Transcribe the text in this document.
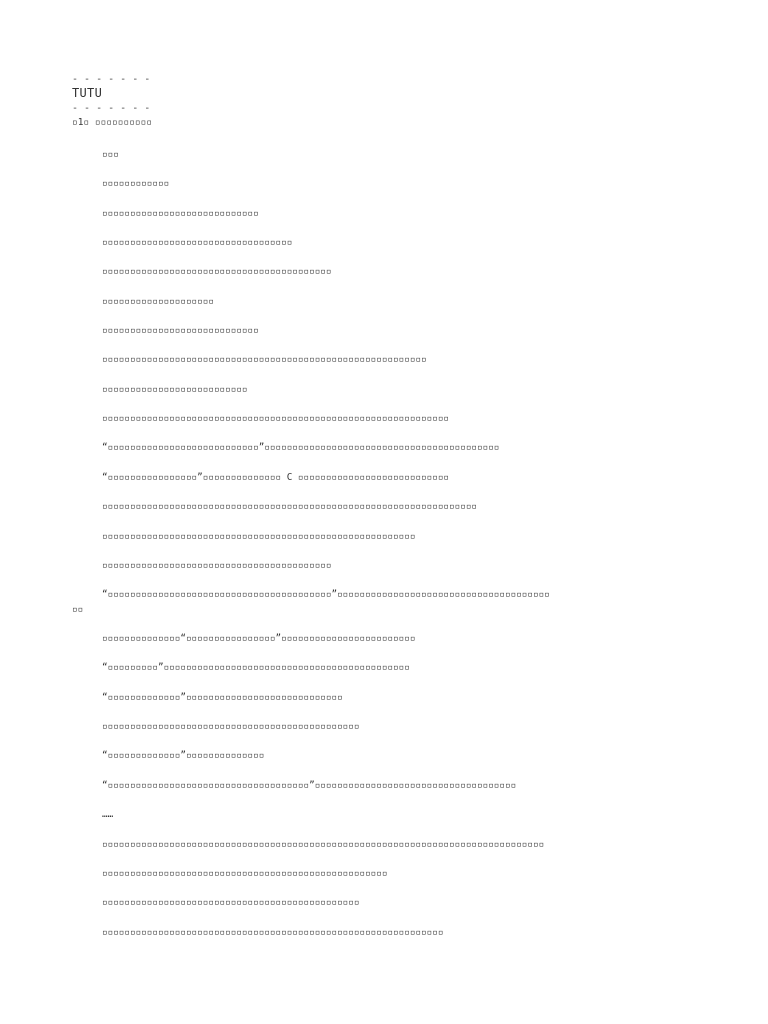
- - - - - - -
TUTU
- - - - - - -
▫1▫ ▫▫▫▫▫▫▫▫▫▫
▫▫▫
▫▫▫▫▫▫▫▫▫▫▫▫
▫▫▫▫▫▫▫▫▫▫▫▫▫▫▫▫▫▫▫▫▫▫▫▫▫▫▫▫
▫▫▫▫▫▫▫▫▫▫▫▫▫▫▫▫▫▫▫▫▫▫▫▫▫▫▫▫▫▫▫▫▫▫
▫▫▫▫▫▫▫▫▫▫▫▫▫▫▫▫▫▫▫▫▫▫▫▫▫▫▫▫▫▫▫▫▫▫▫▫▫▫▫▫▫
▫▫▫▫▫▫▫▫▫▫▫▫▫▫▫▫▫▫▫▫
▫▫▫▫▫▫▫▫▫▫▫▫▫▫▫▫▫▫▫▫▫▫▫▫▫▫▫▫
▫▫▫▫▫▫▫▫▫▫▫▫▫▫▫▫▫▫▫▫▫▫▫▫▫▫▫▫▫▫▫▫▫▫▫▫▫▫▫▫▫▫▫▫▫▫▫▫▫▫▫▫▫▫▫▫▫▫
▫▫▫▫▫▫▫▫▫▫▫▫▫▫▫▫▫▫▫▫▫▫▫▫▫▫
▫▫▫▫▫▫▫▫▫▫▫▫▫▫▫▫▫▫▫▫▫▫▫▫▫▫▫▫▫▫▫▫▫▫▫▫▫▫▫▫▫▫▫▫▫▫▫▫▫▫▫▫▫▫▫▫▫▫▫▫▫▫
“▫▫▫▫▫▫▫▫▫▫▫▫▫▫▫▫▫▫▫▫▫▫▫▫▫▫▫”▫▫▫▫▫▫▫▫▫▫▫▫▫▫▫▫▫▫▫▫▫▫▫▫▫▫▫▫▫▫▫▫▫▫▫▫▫▫▫▫▫▫
“▫▫▫▫▫▫▫▫▫▫▫▫▫▫▫▫”▫▫▫▫▫▫▫▫▫▫▫▫▫▫ C ▫▫▫▫▫▫▫▫▫▫▫▫▫▫▫▫▫▫▫▫▫▫▫▫▫▫▫
▫▫▫▫▫▫▫▫▫▫▫▫▫▫▫▫▫▫▫▫▫▫▫▫▫▫▫▫▫▫▫▫▫▫▫▫▫▫▫▫▫▫▫▫▫▫▫▫▫▫▫▫▫▫▫▫▫▫▫▫▫▫▫▫▫▫▫
▫▫▫▫▫▫▫▫▫▫▫▫▫▫▫▫▫▫▫▫▫▫▫▫▫▫▫▫▫▫▫▫▫▫▫▫▫▫▫▫▫▫▫▫▫▫▫▫▫▫▫▫▫▫▫▫
▫▫▫▫▫▫▫▫▫▫▫▫▫▫▫▫▫▫▫▫▫▫▫▫▫▫▫▫▫▫▫▫▫▫▫▫▫▫▫▫▫
“▫▫▫▫▫▫▫▫▫▫▫▫▫▫▫▫▫▫▫▫▫▫▫▫▫▫▫▫▫▫▫▫▫▫▫▫▫▫▫▫”▫▫▫▫▫▫▫▫▫▫▫▫▫▫▫▫▫▫▫▫▫▫▫▫▫▫▫▫▫▫▫▫▫▫▫▫▫▫
▫▫
▫▫▫▫▫▫▫▫▫▫▫▫▫▫“▫▫▫▫▫▫▫▫▫▫▫▫▫▫▫▫”▫▫▫▫▫▫▫▫▫▫▫▫▫▫▫▫▫▫▫▫▫▫▫▫
“▫▫▫▫▫▫▫▫▫”▫▫▫▫▫▫▫▫▫▫▫▫▫▫▫▫▫▫▫▫▫▫▫▫▫▫▫▫▫▫▫▫▫▫▫▫▫▫▫▫▫▫▫▫
“▫▫▫▫▫▫▫▫▫▫▫▫▫”▫▫▫▫▫▫▫▫▫▫▫▫▫▫▫▫▫▫▫▫▫▫▫▫▫▫▫▫
▫▫▫▫▫▫▫▫▫▫▫▫▫▫▫▫▫▫▫▫▫▫▫▫▫▫▫▫▫▫▫▫▫▫▫▫▫▫▫▫▫▫▫▫▫▫
“▫▫▫▫▫▫▫▫▫▫▫▫▫”▫▫▫▫▫▫▫▫▫▫▫▫▫▫
“▫▫▫▫▫▫▫▫▫▫▫▫▫▫▫▫▫▫▫▫▫▫▫▫▫▫▫▫▫▫▫▫▫▫▫▫”▫▫▫▫▫▫▫▫▫▫▫▫▫▫▫▫▫▫▫▫▫▫▫▫▫▫▫▫▫▫▫▫▫▫▫▫
……
▫▫▫▫▫▫▫▫▫▫▫▫▫▫▫▫▫▫▫▫▫▫▫▫▫▫▫▫▫▫▫▫▫▫▫▫▫▫▫▫▫▫▫▫▫▫▫▫▫▫▫▫▫▫▫▫▫▫▫▫▫▫▫▫▫▫▫▫▫▫▫▫▫▫▫▫▫▫▫
▫▫▫▫▫▫▫▫▫▫▫▫▫▫▫▫▫▫▫▫▫▫▫▫▫▫▫▫▫▫▫▫▫▫▫▫▫▫▫▫▫▫▫▫▫▫▫▫▫▫▫
▫▫▫▫▫▫▫▫▫▫▫▫▫▫▫▫▫▫▫▫▫▫▫▫▫▫▫▫▫▫▫▫▫▫▫▫▫▫▫▫▫▫▫▫▫▫
▫▫▫▫▫▫▫▫▫▫▫▫▫▫▫▫▫▫▫▫▫▫▫▫▫▫▫▫▫▫▫▫▫▫▫▫▫▫▫▫▫▫▫▫▫▫▫▫▫▫▫▫▫▫▫▫▫▫▫▫▫
